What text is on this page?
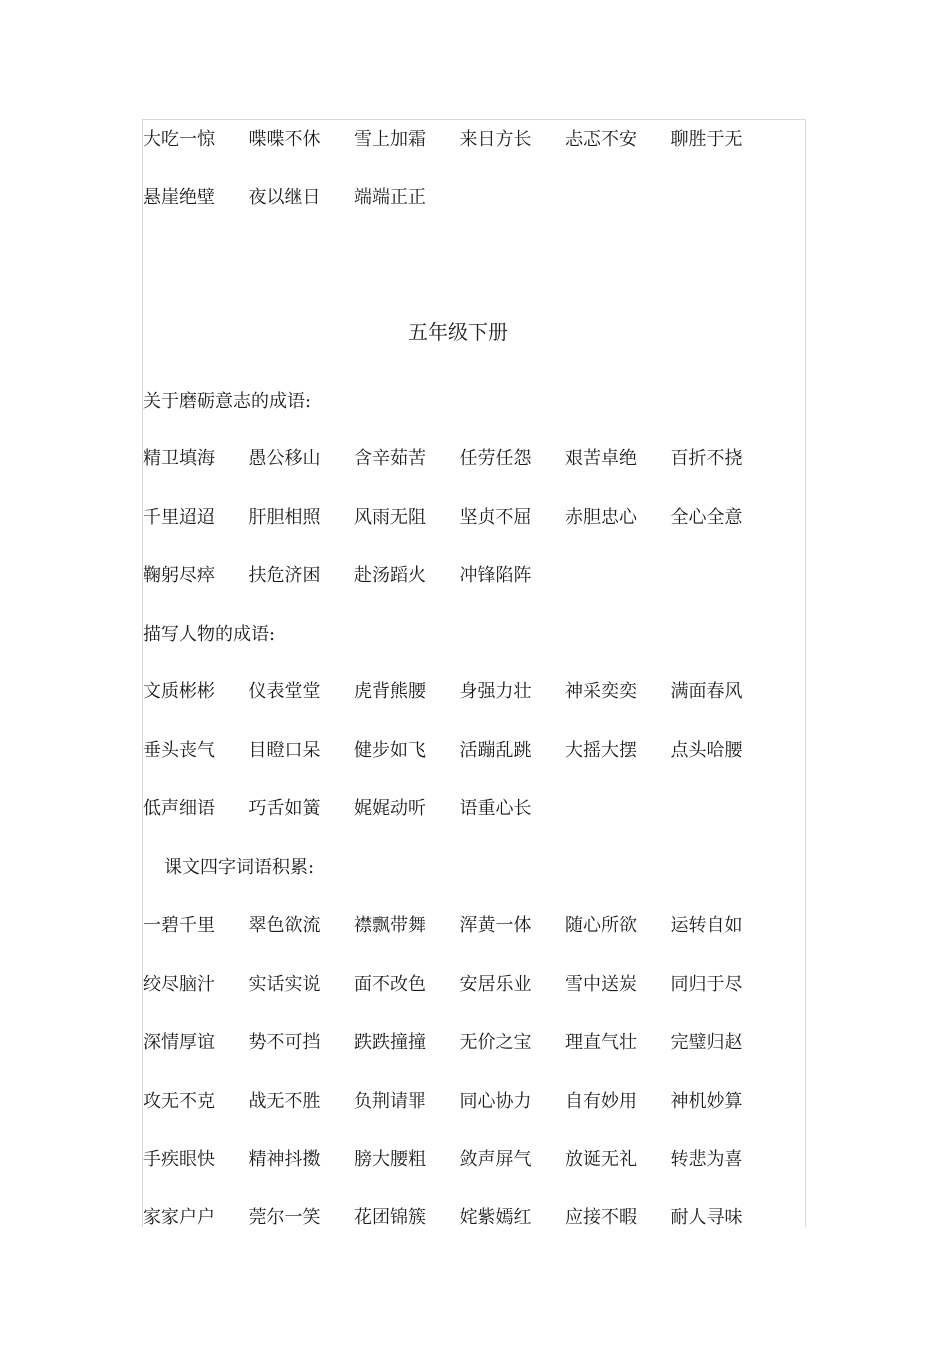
大吃一惊	喋喋不休	雪上加霜	来日方长	忐忑不安	聊胜于无
悬崖绝壁	夜以继日	端端正正
五年级下册
关于磨砺意志的成语:
精卫填海	愚公移山	含辛茹苦	任劳任怨	艰苦卓绝	百折不挠
千里迢迢	肝胆相照	风雨无阻	坚贞不屈	赤胆忠心	全心全意
鞠躬尽瘁	扶危济困	赴汤蹈火	冲锋陷阵
描写人物的成语:
文质彬彬	仪表堂堂	虎背熊腰	身强力壮	神采奕奕	满面春风
垂头丧气	目瞪口呆	健步如飞	活蹦乱跳	大摇大摆	点头哈腰
低声细语	巧舌如簧	娓娓动听	语重心长
课文四字词语积累:
一碧千里	翠色欲流	襟飘带舞	浑黄一体	随心所欲	运转自如
绞尽脑汁	实话实说	面不改色	安居乐业	雪中送炭	同归于尽
深情厚谊	势不可挡	跌跌撞撞	无价之宝	理直气壮	完璧归赵
攻无不克	战无不胜	负荆请罪	同心协力	自有妙用	神机妙算
手疾眼快	精神抖擞	膀大腰粗	敛声屏气	放诞无礼	转悲为喜
家家户户	莞尔一笑	花团锦簇	姹紫嫣红	应接不暇	耐人寻味
